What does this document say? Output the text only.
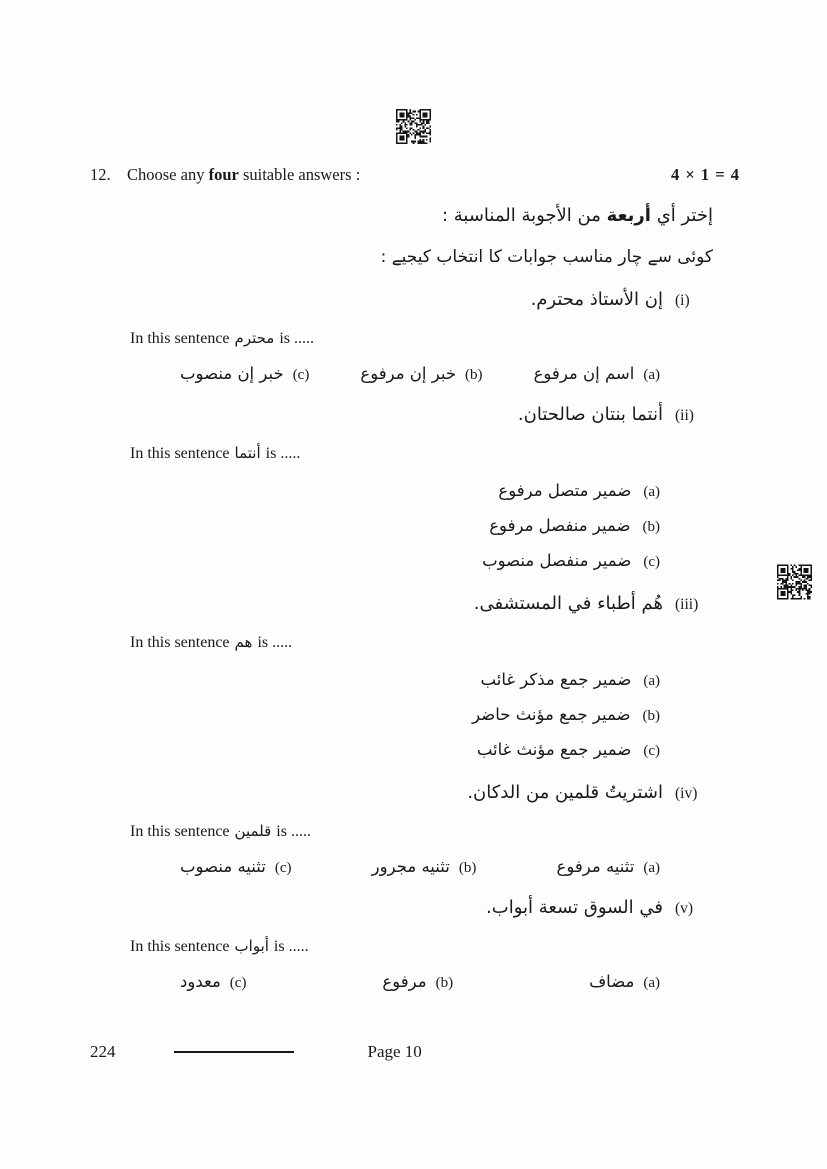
12. Choose any four suitable answers :	4 × 1 = 4
إختر أي أربعة من الأجوبة المناسبة :
کوئی سے چار مناسب جوابات کا انتخاب کیجیے :
(i)
إن الأستاذ محترم.
In this sentence محترم is .....
(a)
اسم إن مرفوع
(b)
خبر إن مرفوع
(c)
خبر إن منصوب
(ii)
أنتما بنتان صالحتان.
In this sentence أنتما is .....
(a)
ضمير متصل مرفوع
(b)
ضمير منفصل مرفوع
(c)
ضمير منفصل منصوب
(iii)
هُم أطباء في المستشفى.
In this sentence هم is .....
(a)
ضمير جمع مذكر غائب
(b)
ضمير جمع مؤنث حاضر
(c)
ضمير جمع مؤنث غائب
(iv)
اشتريتُ قلمين من الدكان.
In this sentence قلمين is .....
(a)
تثنيه مرفوع
(b)
تثنيه مجرور
(c)
تثنيه منصوب
(v)
في السوق تسعة أبواب.
In this sentence أبواب is .....
(a)
مضاف
(b)
مرفوع
(c)
معدود
224	Page 10
